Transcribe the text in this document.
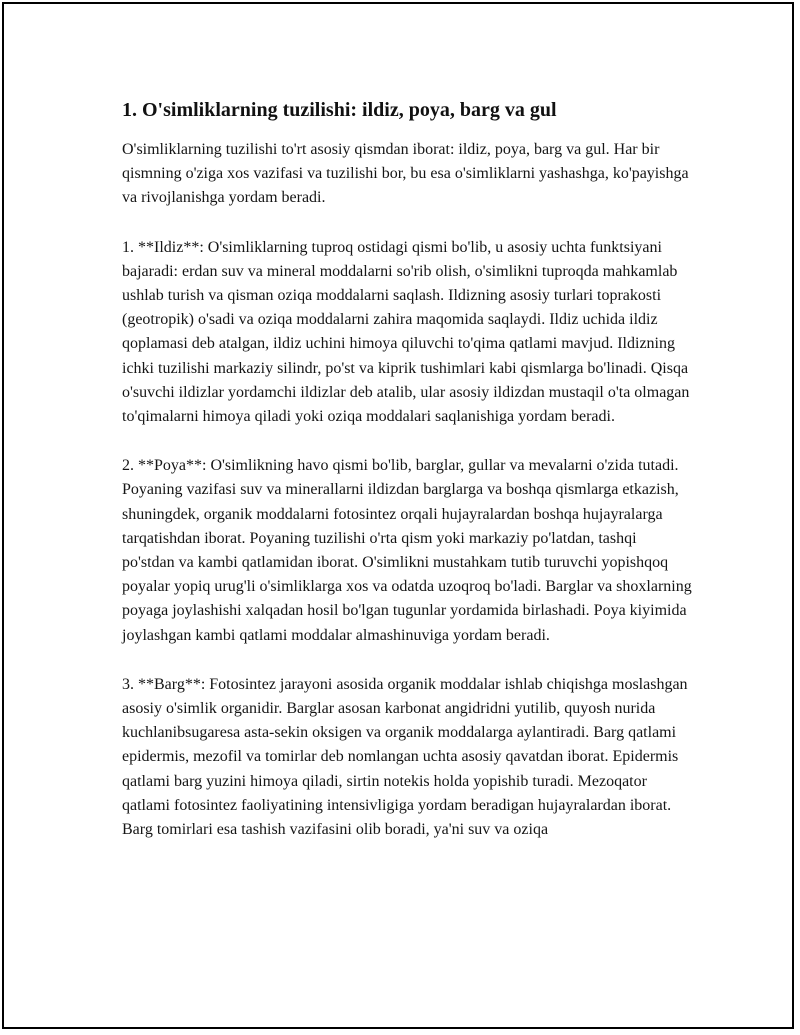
1. O'simliklarning tuzilishi: ildiz, poya, barg va gul

O'simliklarning tuzilishi to'rt asosiy qismdan iborat: ildiz, poya, barg va gul. Har bir qismning o'ziga xos vazifasi va tuzilishi bor, bu esa o'simliklarni yashashga, ko'payishga va rivojlanishga yordam beradi.

1. **Ildiz**: O'simliklarning tuproq ostidagi qismi bo'lib, u asosiy uchta funktsiyani bajaradi: erdan suv va mineral moddalarni so'rib olish, o'simlikni tuproqda mahkamlab ushlab turish va qisman oziqa moddalarni saqlash. Ildizning asosiy turlari toprakosti (geotropik) o'sadi va oziqa moddalarni zahira maqomida saqlaydi. Ildiz uchida ildiz qoplamasi deb atalgan, ildiz uchini himoya qiluvchi to'qima qatlami mavjud. Ildizning ichki tuzilishi markaziy silindr, po'st va kiprik tushimlari kabi qismlarga bo'linadi. Qisqa o'suvchi ildizlar yordamchi ildizlar deb atalib, ular asosiy ildizdan mustaqil o'ta olmagan to'qimalarni himoya qiladi yoki oziqa moddalari saqlanishiga yordam beradi.

2. **Poya**: O'simlikning havo qismi bo'lib, barglar, gullar va mevalarni o'zida tutadi. Poyaning vazifasi suv va minerallarni ildizdan barglarga va boshqa qismlarga etkazish, shuningdek, organik moddalarni fotosintez orqali hujayralardan boshqa hujayralarga tarqatishdan iborat. Poyaning tuzilishi o'rta qism yoki markaziy po'latdan, tashqi po'stdan va kambi qatlamidan iborat. O'simlikni mustahkam tutib turuvchi yopishqoq poyalar yopiq urug'li o'simliklarga xos va odatda uzoqroq bo'ladi. Barglar va shoxlarning poyaga joylashishi xalqadan hosil bo'lgan tugunlar yordamida birlashadi. Poya kiyimida joylashgan kambi qatlami moddalar almashinuviga yordam beradi.

3. **Barg**: Fotosintez jarayoni asosida organik moddalar ishlab chiqishga moslashgan asosiy o'simlik organidir. Barglar asosan karbonat angidridni yutilib, quyosh nurida kuchlanibsugaresa asta-sekin oksigen va organik moddalarga aylantiradi. Barg qatlami epidermis, mezofil va tomirlar deb nomlangan uchta asosiy qavatdan iborat. Epidermis qatlami barg yuzini himoya qiladi, sirtin notekis holda yopishib turadi. Mezoqator qatlami fotosintez faoliyatining intensivligiga yordam beradigan hujayralardan iborat. Barg tomirlari esa tashish vazifasini olib boradi, ya'ni suv va oziqa
